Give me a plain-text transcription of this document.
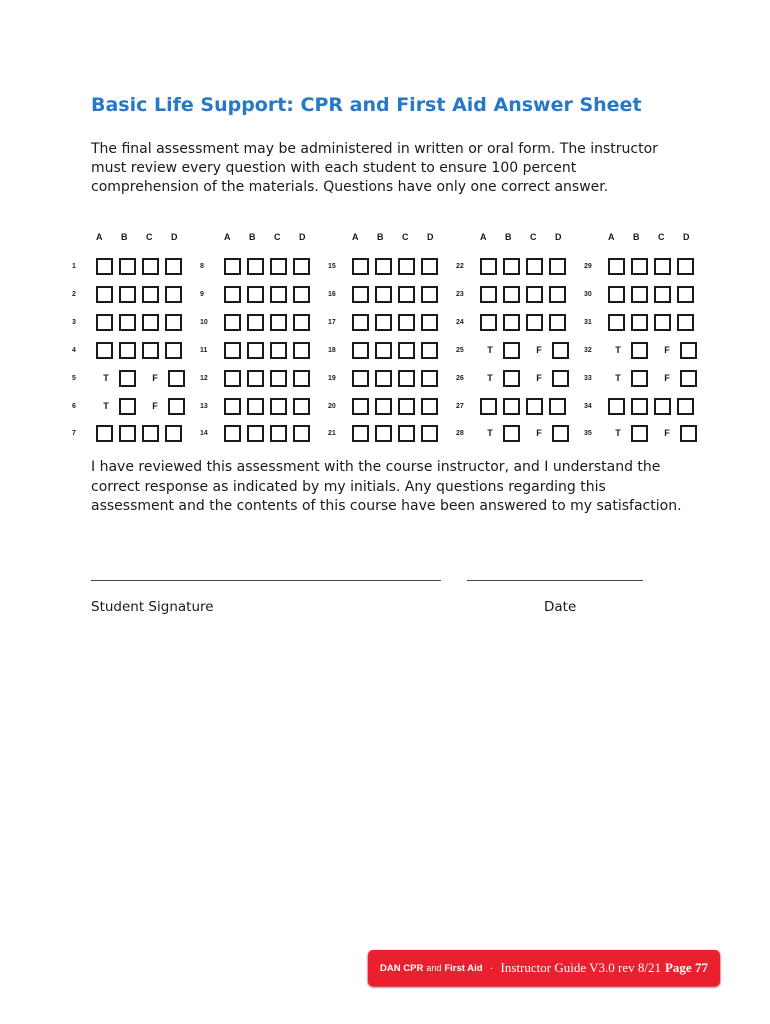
Basic Life Support: CPR and First Aid Answer Sheet

The final assessment may be administered in written or oral form. The instructor must review every question with each student to ensure 100 percent comprehension of the materials. Questions have only one correct answer.

A	B	C	D
1
2
3
4
5	T	F
6	T	F
7
A	B	C	D
8
9
10
11
12
13
14
A	B	C	D
15
16
17
18
19
20
21
A	B	C	D
22
23
24
25	T	F
26	T	F
27
28	T	F
A	B	C	D
29
30
31
32	T	F
33	T	F
34
35	T	F

I have reviewed this assessment with the course instructor, and I understand the correct response as indicated by my initials. Any questions regarding this assessment and the contents of this course have been answered to my satisfaction.

Student Signature	Date
DAN CPR and First Aid · Instructor Guide V3.0 rev 8/21 Page 77
